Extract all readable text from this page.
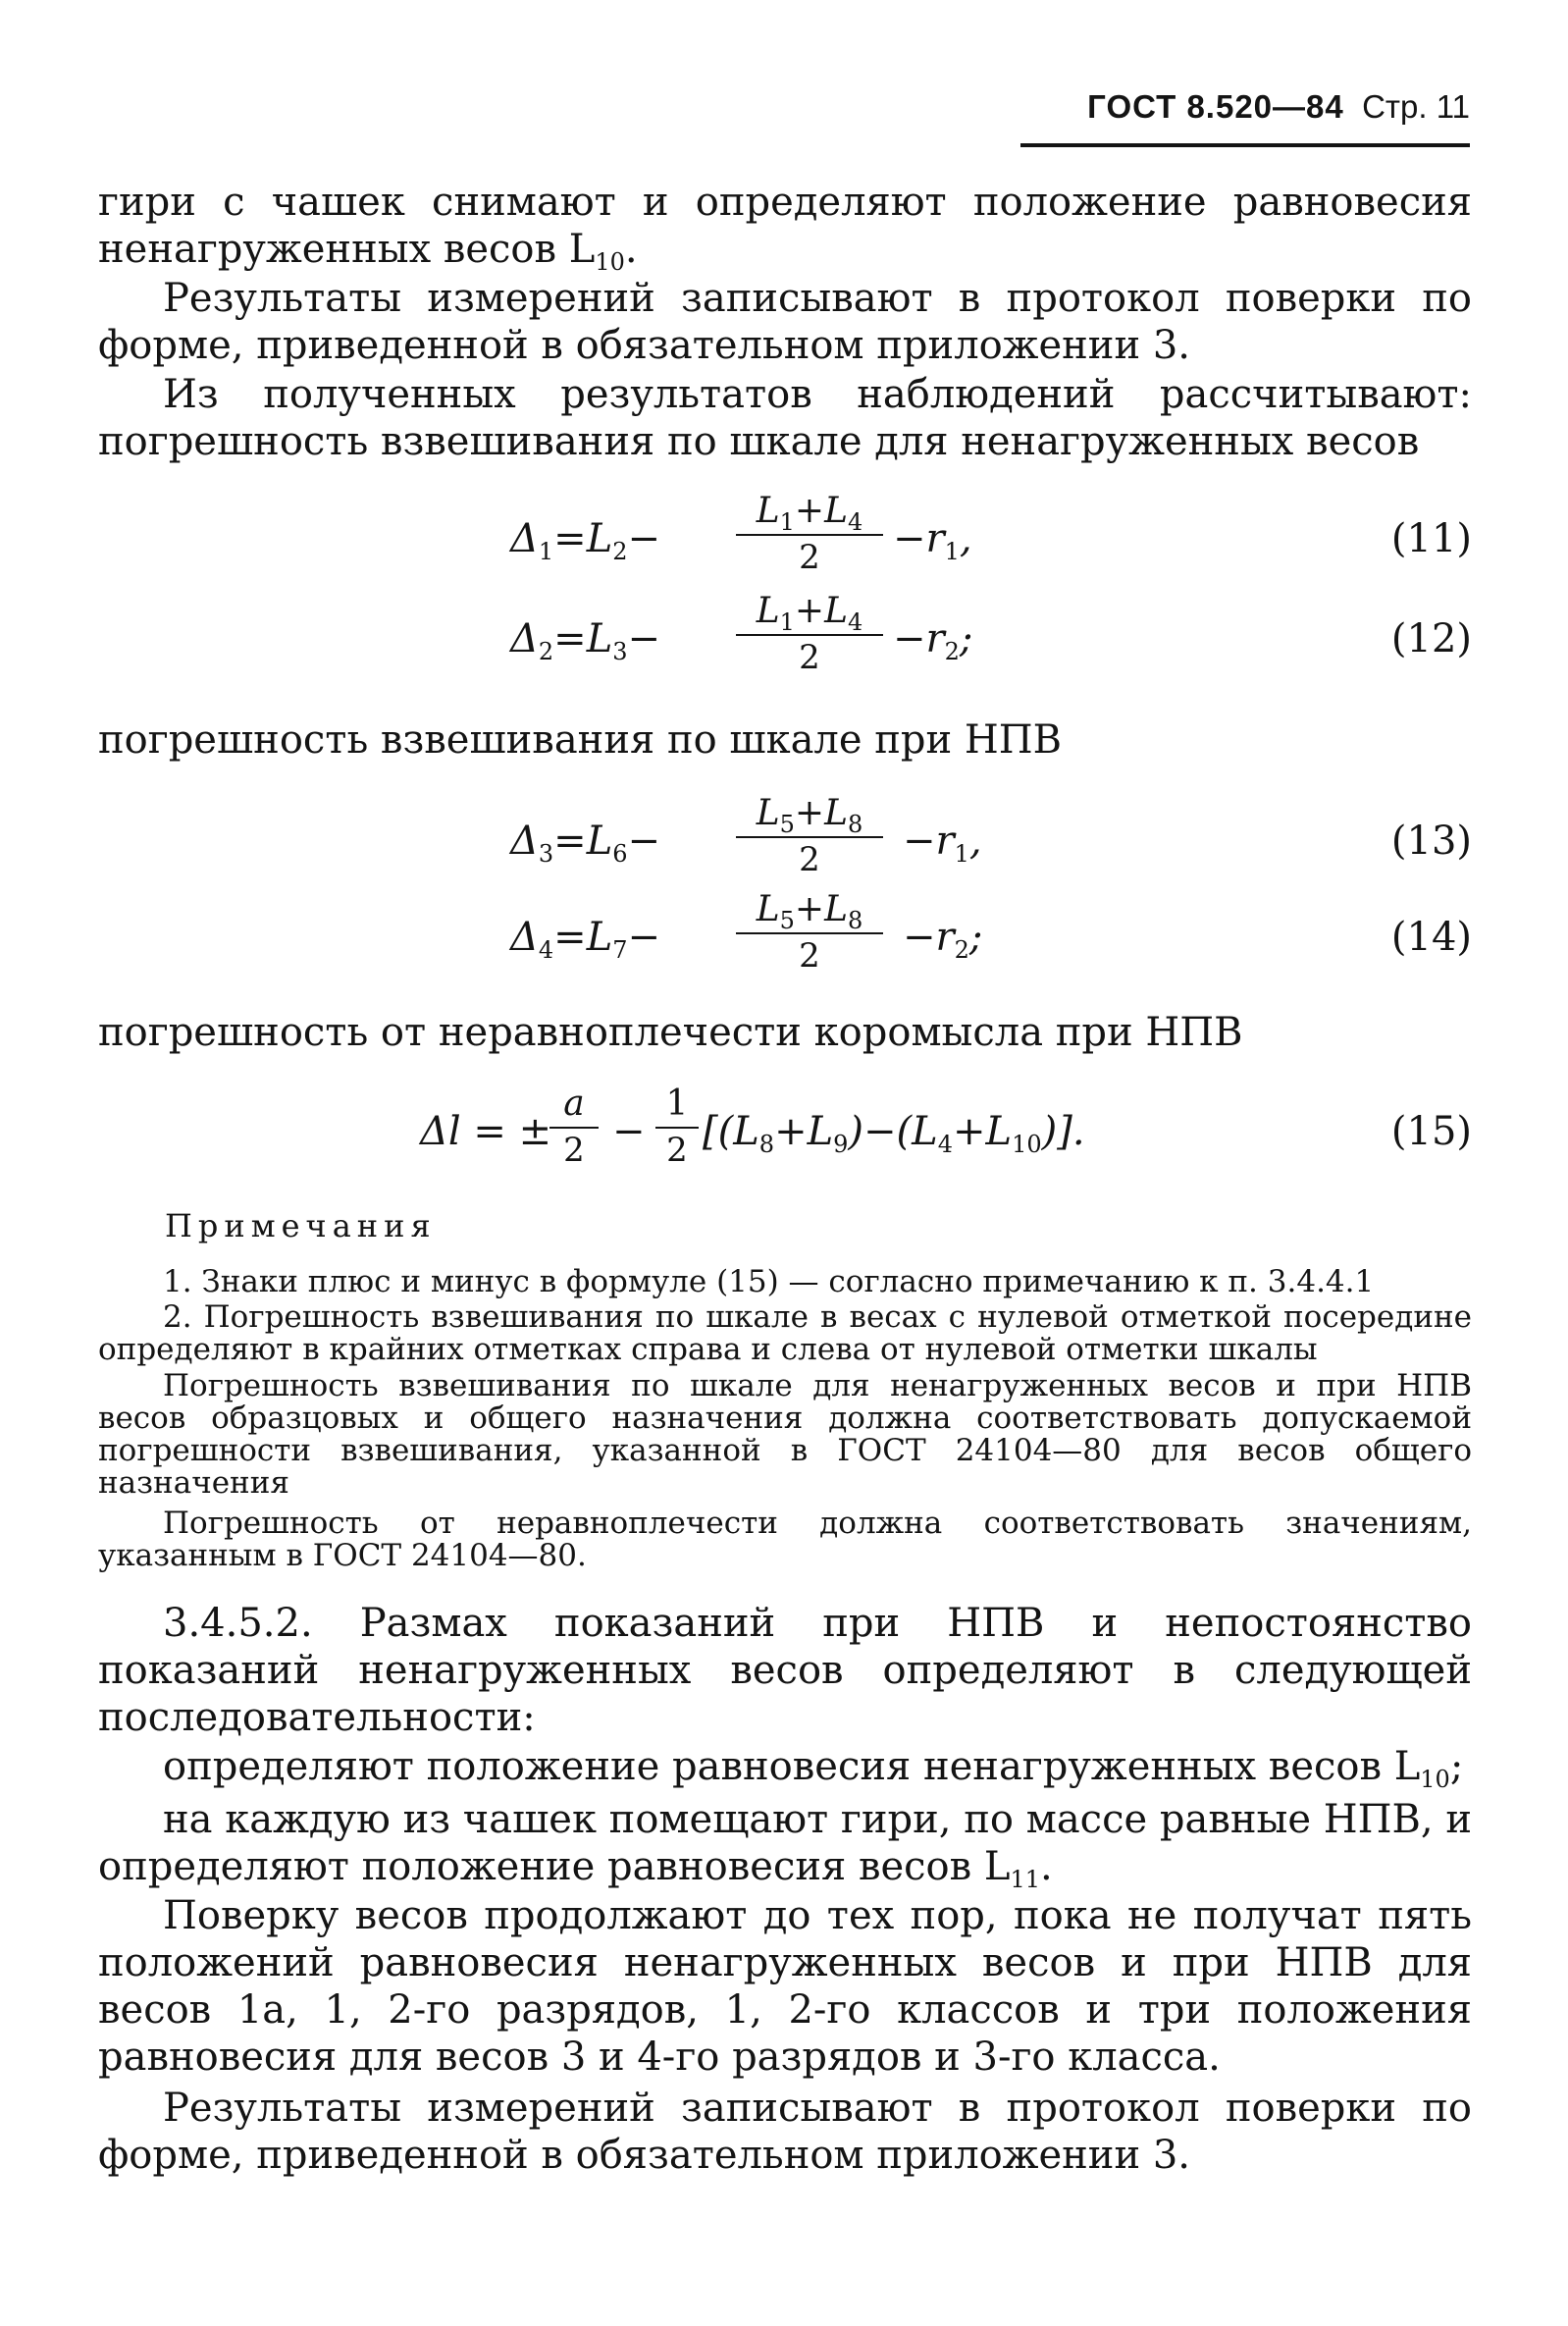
ГОСТ 8.520—84 Стр. 11

гири с чашек снимают и определяют положение равновесия ненагруженных весов $L_{10}$.

Результаты измерений записывают в протокол поверки по форме, приведенной в обязательном приложении 3.

Из полученных результатов наблюдений рассчитывают: погрешность взвешивания по шкале для ненагруженных весов

$\Delta_1=L_2-$
$L_1+L_4$
2	$-r_1$,	(11)
$\Delta_2=L_3-$
$L_1+L_4$
2	$-r_2$;	(12)

погрешность взвешивания по шкале при НПВ

$\Delta_3=L_6-$
$L_5+L_8$
2	$-r_1$,	(13)
$\Delta_4=L_7-$
$L_5+L_8$
2	$-r_2$;	(14)

погрешность от неравноплечести коромысла при НПВ

Δl = ±
a
2 −
1
2 $[(L_8+L_9)-(L_4+L_{10})]$.	(15)
Примечания

1. Знаки плюс и минус в формуле (15) — согласно примечанию к п. 3.4.4.1

2. Погрешность взвешивания по шкале в весах с нулевой отметкой посередине определяют в крайних отметках справа и слева от нулевой отметки шкалы

Погрешность взвешивания по шкале для ненагруженных весов и при НПВ весов образцовых и общего назначения должна соответствовать допускаемой погрешности взвешивания, указанной в ГОСТ 24104—80 для весов общего назначения

Погрешность от неравноплечести должна соответствовать значениям, указанным в ГОСТ 24104—80.

3.4.5.2. Размах показаний при НПВ и непостоянство показаний ненагруженных весов определяют в следующей последовательности:

определяют положение равновесия ненагруженных весов $L_{10}$;

на каждую из чашек помещают гири, по массе равные НПВ, и определяют положение равновесия весов $L_{11}$.

Поверку весов продолжают до тех пор, пока не получат пять положений равновесия ненагруженных весов и при НПВ для весов 1а, 1, 2-го разрядов, 1, 2-го классов и три положения равновесия для весов 3 и 4-го разрядов и 3-го класса.

Результаты измерений записывают в протокол поверки по форме, приведенной в обязательном приложении 3.
